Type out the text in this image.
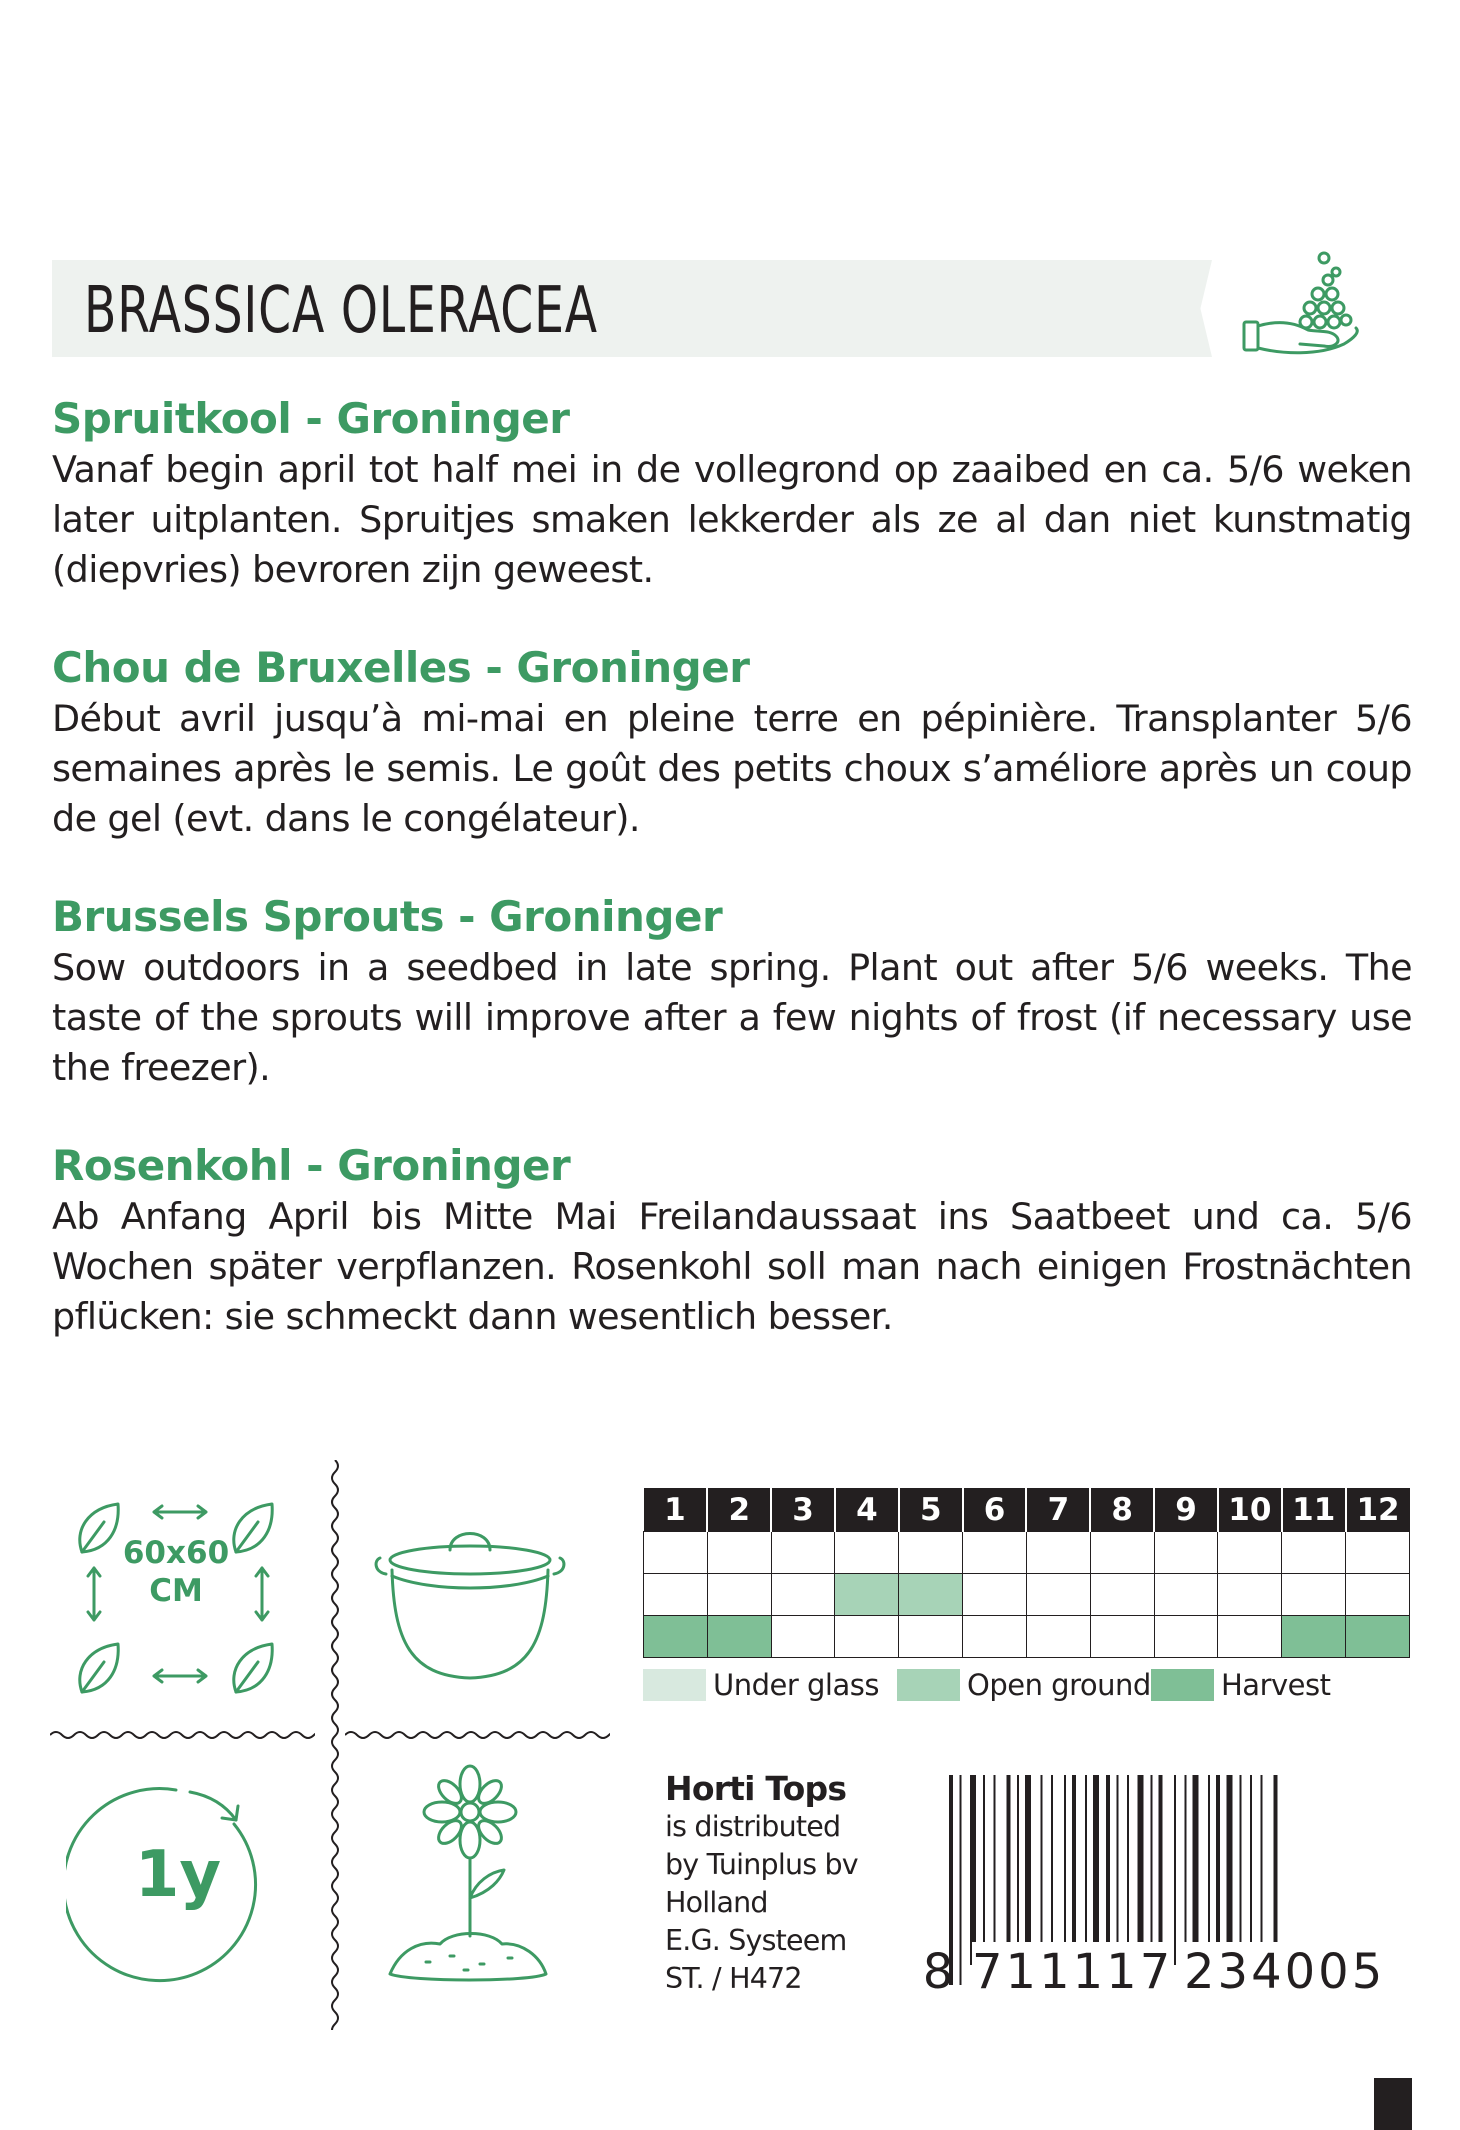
BRASSICA OLERACEA
Spruitkool - Groninger

Vanaf begin april tot half mei in de vollegrond op zaaibed en ca. 5/6 weken later uitplanten. Spruitjes smaken lekkerder als ze al dan niet kunstmatig (diepvries) bevroren zijn geweest.

Chou de Bruxelles - Groninger

Début avril jusqu’à mi-mai en pleine terre en pépinière. Transplanter 5/6 semaines après le semis. Le goût des petits choux s’améliore après un coup de gel (evt. dans le congélateur).

Brussels Sprouts - Groninger

Sow outdoors in a seedbed in late spring. Plant out after 5/6 weeks. The taste of the sprouts will improve after a few nights of frost (if necessary use the freezer).

Rosenkohl - Groninger

Ab Anfang April bis Mitte Mai Freilandaussaat ins Saatbeet und ca. 5/6 Wochen später verpflanzen. Rosenkohl soll man nach einigen Frostnächten pflücken: sie schmeckt dann wesentlich besser.

60x60
CM
1y
1	2	3	4	5	6	7	8	9	10	11	12

Under glass	Open ground Harvest
Horti Tops
is distributed
by Tuinplus bv
Holland
E.G. Systeem
ST. / H472	8 711117 234005
